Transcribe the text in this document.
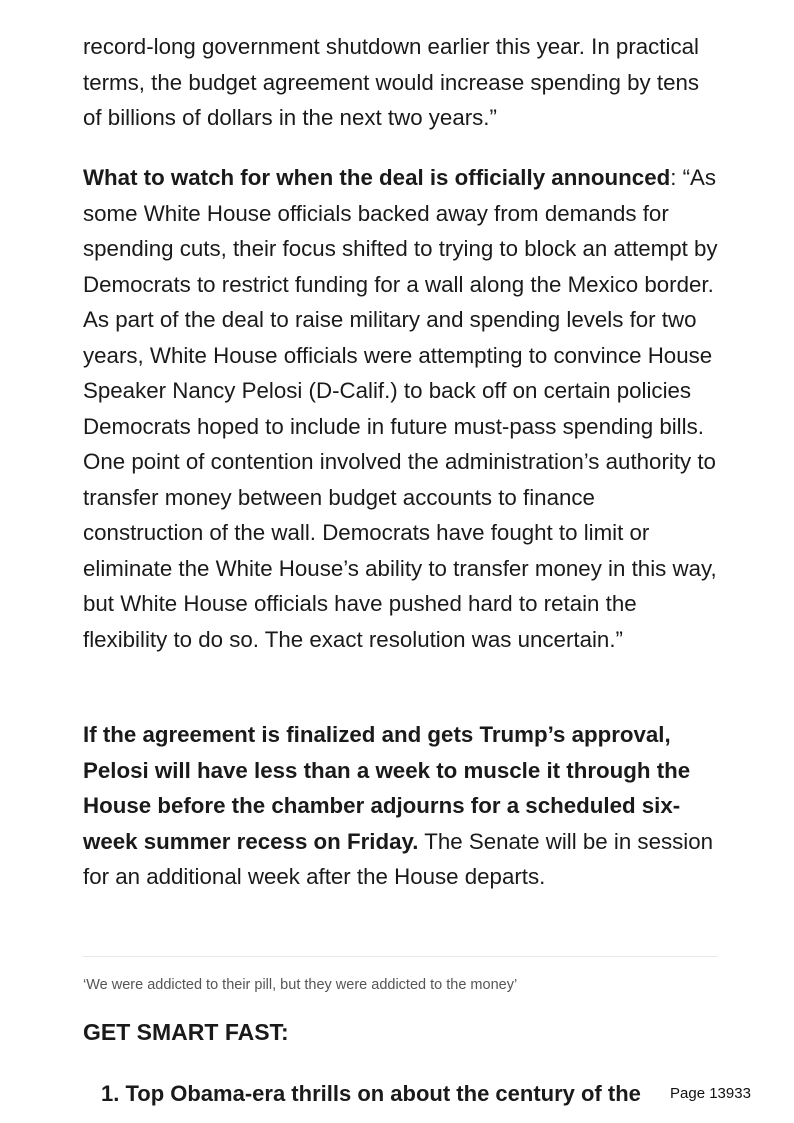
record-long government shutdown earlier this year. In practical terms, the budget agreement would increase spending by tens of billions of dollars in the next two years.”

What to watch for when the deal is officially announced: “As some White House officials backed away from demands for spending cuts, their focus shifted to trying to block an attempt by Democrats to restrict funding for a wall along the Mexico border. As part of the deal to raise military and spending levels for two years, White House officials were attempting to convince House Speaker Nancy Pelosi (D-Calif.) to back off on certain policies Democrats hoped to include in future must-pass spending bills. One point of contention involved the administration’s authority to transfer money between budget accounts to finance construction of the wall. Democrats have fought to limit or eliminate the White House’s ability to transfer money in this way, but White House officials have pushed hard to retain the flexibility to do so. The exact resolution was uncertain.”

If the agreement is finalized and gets Trump’s approval, Pelosi will have less than a week to muscle it through the House before the chamber adjourns for a scheduled six-week summer recess on Friday. The Senate will be in session for an additional week after the House departs.

‘We were addicted to their pill, but they were addicted to the money’
GET SMART FAST:
1. Top Obama-era thrills on about the century of the	Page 13933
